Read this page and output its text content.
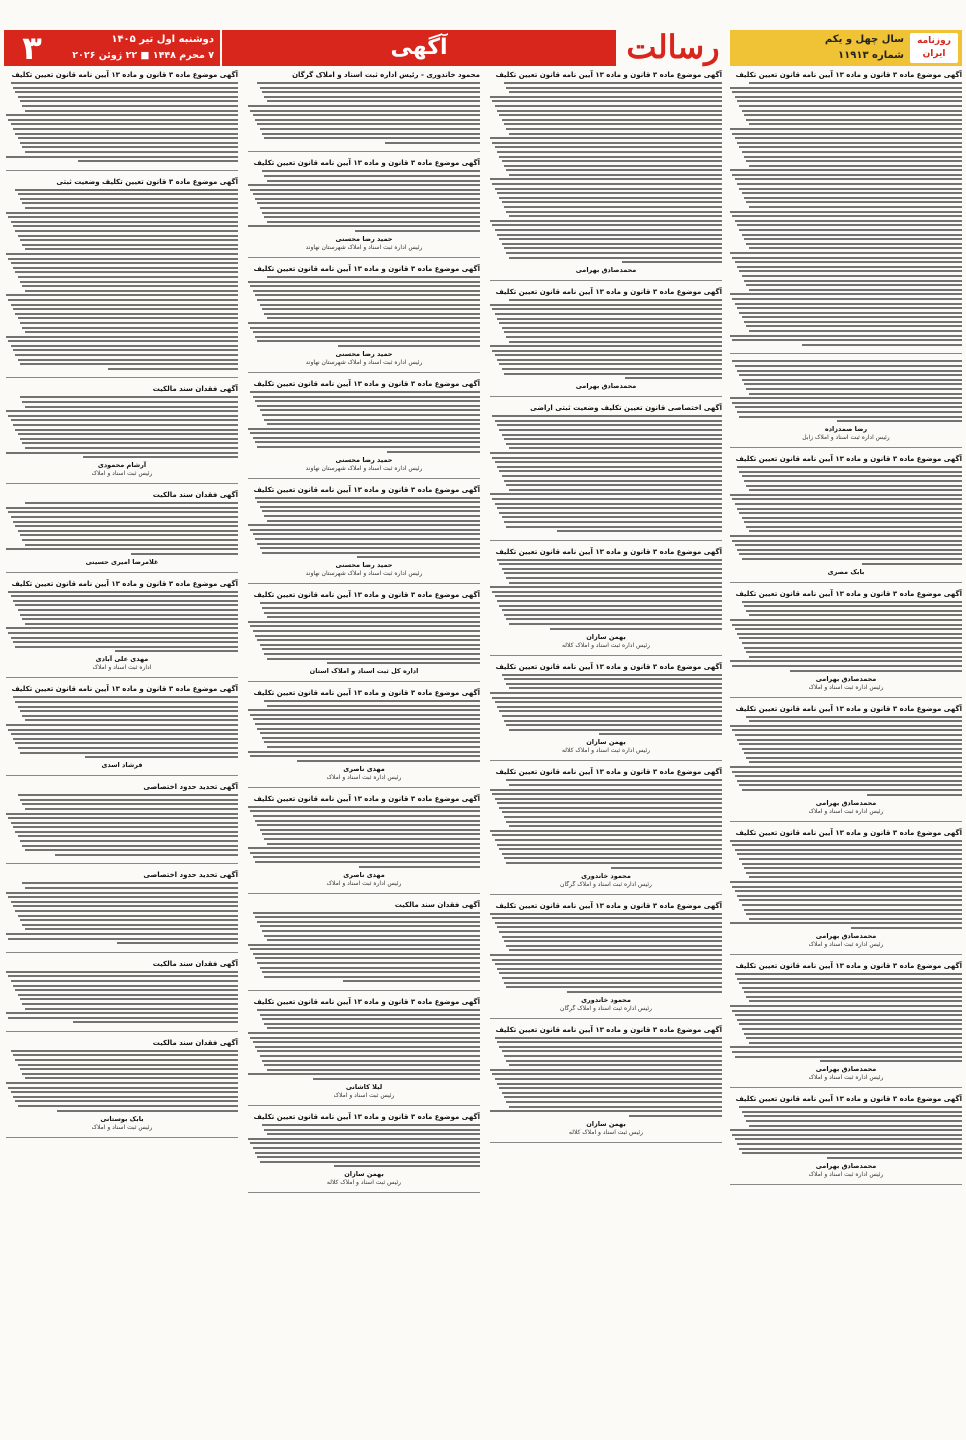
۳	دوشنبه اول تیر ۱۴۰۵
۷ محرم ۱۴۴۸ ■ ۲۲ ژوئن ۲۰۲۶	آگهی	رسالت	روزنامه
ایران
سال چهل و یکم
شماره ۱۱۹۱۳
آگهی موضوع ماده ۳ قانون و ماده ۱۳ آیین نامه قانون تعیین تکلیف
رضا صمدزاده
رئیس اداره ثبت اسناد و املاک زابل
آگهی موضوع ماده ۳ قانون و ماده ۱۳ آیین نامه قانون تعیین تکلیف
بابک مصری
آگهی موضوع ماده ۳ قانون و ماده ۱۳ آیین نامه قانون تعیین تکلیف
محمدصادق بهرامی
رئیس اداره ثبت اسناد و املاک
آگهی موضوع ماده ۳ قانون و ماده ۱۳ آیین نامه قانون تعیین تکلیف
محمدصادق بهرامی
رئیس اداره ثبت اسناد و املاک
آگهی موضوع ماده ۳ قانون و ماده ۱۳ آیین نامه قانون تعیین تکلیف
محمدصادق بهرامی
رئیس اداره ثبت اسناد و املاک
آگهی موضوع ماده ۳ قانون و ماده ۱۳ آیین نامه قانون تعیین تکلیف
محمدصادق بهرامی
رئیس اداره ثبت اسناد و املاک
آگهی موضوع ماده ۳ قانون و ماده ۱۳ آیین نامه قانون تعیین تکلیف
محمدصادق بهرامی
رئیس اداره ثبت اسناد و املاک
آگهی موضوع ماده ۳ قانون و ماده ۱۳ آیین نامه قانون تعیین تکلیف
محمدصادق بهرامی
آگهی موضوع ماده ۳ قانون و ماده ۱۳ آیین نامه قانون تعیین تکلیف
محمدصادق بهرامی
آگهی اختصاصی قانون تعیین تکلیف وضعیت ثبتی اراضی
آگهی موضوع ماده ۳ قانون و ماده ۱۳ آیین نامه قانون تعیین تکلیف
بهمن سازان
رئیس اداره ثبت اسناد و املاک کلاله
آگهی موضوع ماده ۳ قانون و ماده ۱۳ آیین نامه قانون تعیین تکلیف
بهمن سازان
رئیس اداره ثبت اسناد و املاک کلاله
آگهی موضوع ماده ۳ قانون و ماده ۱۳ آیین نامه قانون تعیین تکلیف
محمود خاندوری
رئیس اداره ثبت اسناد و املاک گرگان
آگهی موضوع ماده ۳ قانون و ماده ۱۳ آیین نامه قانون تعیین تکلیف
محمود خاندوری
رئیس اداره ثبت اسناد و املاک گرگان
آگهی موضوع ماده ۳ قانون و ماده ۱۳ آیین نامه قانون تعیین تکلیف
بهمن سازان
رئیس ثبت اسناد و املاک کلاله
محمود خاندوری - رئیس اداره ثبت اسناد و املاک گرگان
آگهی موضوع ماده ۳ قانون و ماده ۱۳ آیین نامه قانون تعیین تکلیف
حمید رضا محسنی
رئیس اداره ثبت اسناد و املاک شهرستان نهاوند
آگهی موضوع ماده ۳ قانون و ماده ۱۳ آیین نامه قانون تعیین تکلیف
حمید رضا محسنی
رئیس اداره ثبت اسناد و املاک شهرستان نهاوند
آگهی موضوع ماده ۳ قانون و ماده ۱۳ آیین نامه قانون تعیین تکلیف
حمید رضا محسنی
رئیس اداره ثبت اسناد و املاک شهرستان نهاوند
آگهی موضوع ماده ۳ قانون و ماده ۱۳ آیین نامه قانون تعیین تکلیف
حمید رضا محسنی
رئیس اداره ثبت اسناد و املاک شهرستان نهاوند
آگهی موضوع ماده ۳ قانون و ماده ۱۳ آیین نامه قانون تعیین تکلیف
اداره کل ثبت اسناد و املاک استان
آگهی موضوع ماده ۳ قانون و ماده ۱۳ آیین نامه قانون تعیین تکلیف
مهدی ناصری
رئیس اداره ثبت اسناد و املاک
آگهی موضوع ماده ۳ قانون و ماده ۱۳ آیین نامه قانون تعیین تکلیف
مهدی ناصری
رئیس اداره ثبت اسناد و املاک
آگهی فقدان سند مالکیت
آگهی موضوع ماده ۳ قانون و ماده ۱۳ آیین نامه قانون تعیین تکلیف
لیلا کاشانی
رئیس ثبت اسناد و املاک
آگهی موضوع ماده ۳ قانون و ماده ۱۳ آیین نامه قانون تعیین تکلیف
بهمن سازان
رئیس ثبت اسناد و املاک کلاله
آگهی موضوع ماده ۳ قانون و ماده ۱۳ آیین نامه قانون تعیین تکلیف
آگهی موضوع ماده ۳ قانون تعیین تکلیف وضعیت ثبتی
آگهی فقدان سند مالکیت
آرشام محمودی
رئیس ثبت اسناد و املاک
آگهی فقدان سند مالکیت
غلامرضا امیری حسینی
آگهی موضوع ماده ۳ قانون و ماده ۱۳ آیین نامه قانون تعیین تکلیف
مهدی علی آبادی
اداره ثبت اسناد و املاک
آگهی موضوع ماده ۳ قانون و ماده ۱۳ آیین نامه قانون تعیین تکلیف
فرشاد اسدی
آگهی تحدید حدود اختصاصی
آگهی تحدید حدود اختصاصی
آگهی فقدان سند مالکیت
آگهی فقدان سند مالکیت
بابک بوستانی
رئیس ثبت اسناد و املاک
